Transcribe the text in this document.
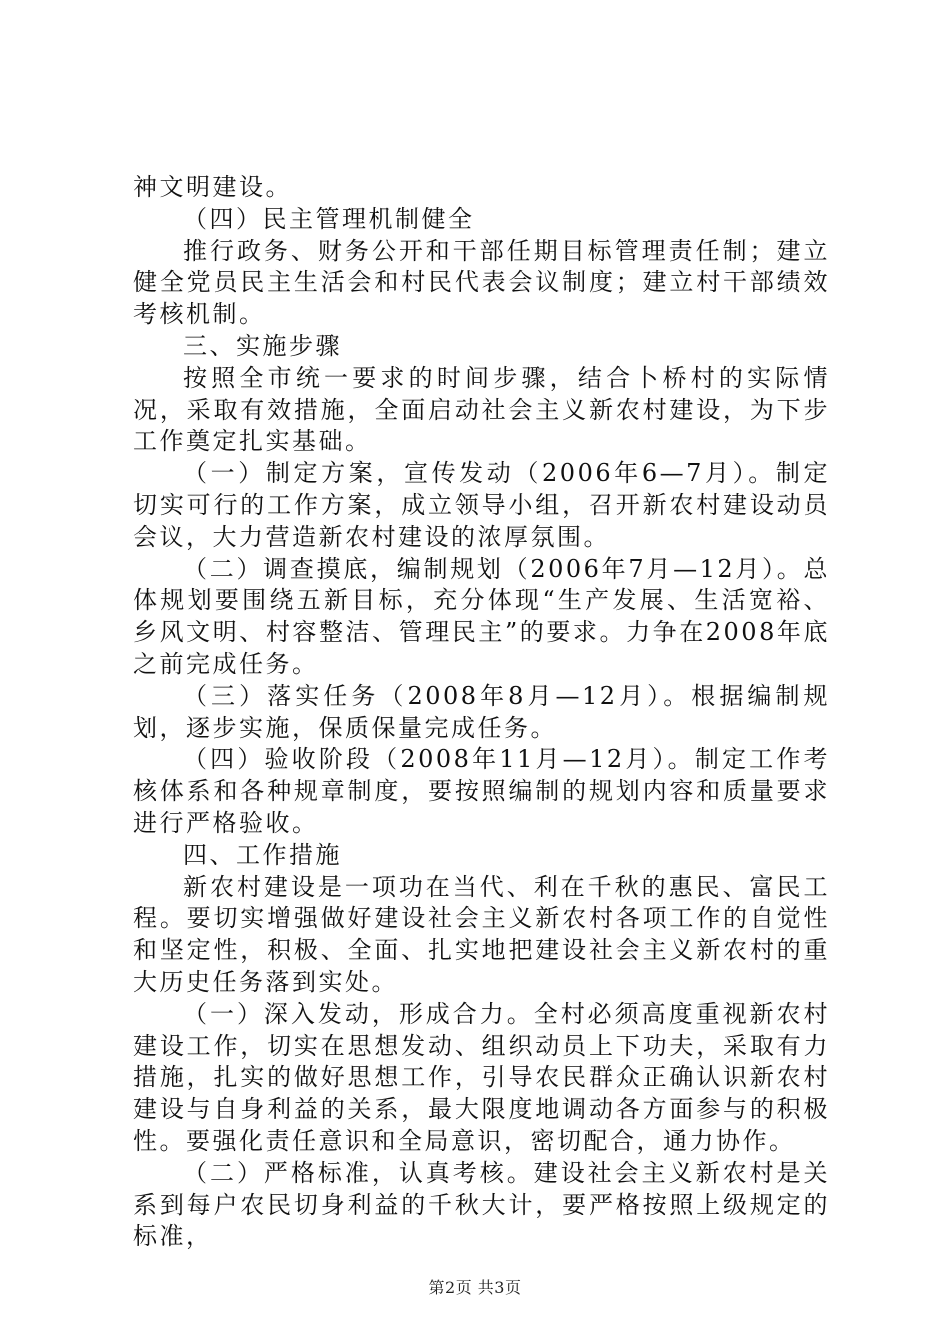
神文明建设。

（四）民主管理机制健全

推行政务、财务公开和干部任期目标管理责任制；建立健全党员民主生活会和村民代表会议制度；建立村干部绩效考核机制。

三、实施步骤

按照全市统一要求的时间步骤，结合卜桥村的实际情况，采取有效措施，全面启动社会主义新农村建设，为下步工作奠定扎实基础。

（一）制定方案，宣传发动（2006年6—7月）。制定切实可行的工作方案，成立领导小组，召开新农村建设动员会议，大力营造新农村建设的浓厚氛围。

（二）调查摸底，编制规划（2006年7月—12月）。总体规划要围绕五新目标，充分体现“生产发展、生活宽裕、乡风文明、村容整洁、管理民主”的要求。力争在2008年底之前完成任务。

（三）落实任务（2008年8月—12月）。根据编制规划，逐步实施，保质保量完成任务。

（四）验收阶段（2008年11月—12月）。制定工作考核体系和各种规章制度，要按照编制的规划内容和质量要求进行严格验收。

四、工作措施

新农村建设是一项功在当代、利在千秋的惠民、富民工程。要切实增强做好建设社会主义新农村各项工作的自觉性和坚定性，积极、全面、扎实地把建设社会主义新农村的重大历史任务落到实处。

（一）深入发动，形成合力。全村必须高度重视新农村建设工作，切实在思想发动、组织动员上下功夫，采取有力措施，扎实的做好思想工作，引导农民群众正确认识新农村建设与自身利益的关系，最大限度地调动各方面参与的积极性。要强化责任意识和全局意识，密切配合，通力协作。

（二）严格标准，认真考核。建设社会主义新农村是关系到每户农民切身利益的千秋大计，要严格按照上级规定的标准，

第2页 共3页
